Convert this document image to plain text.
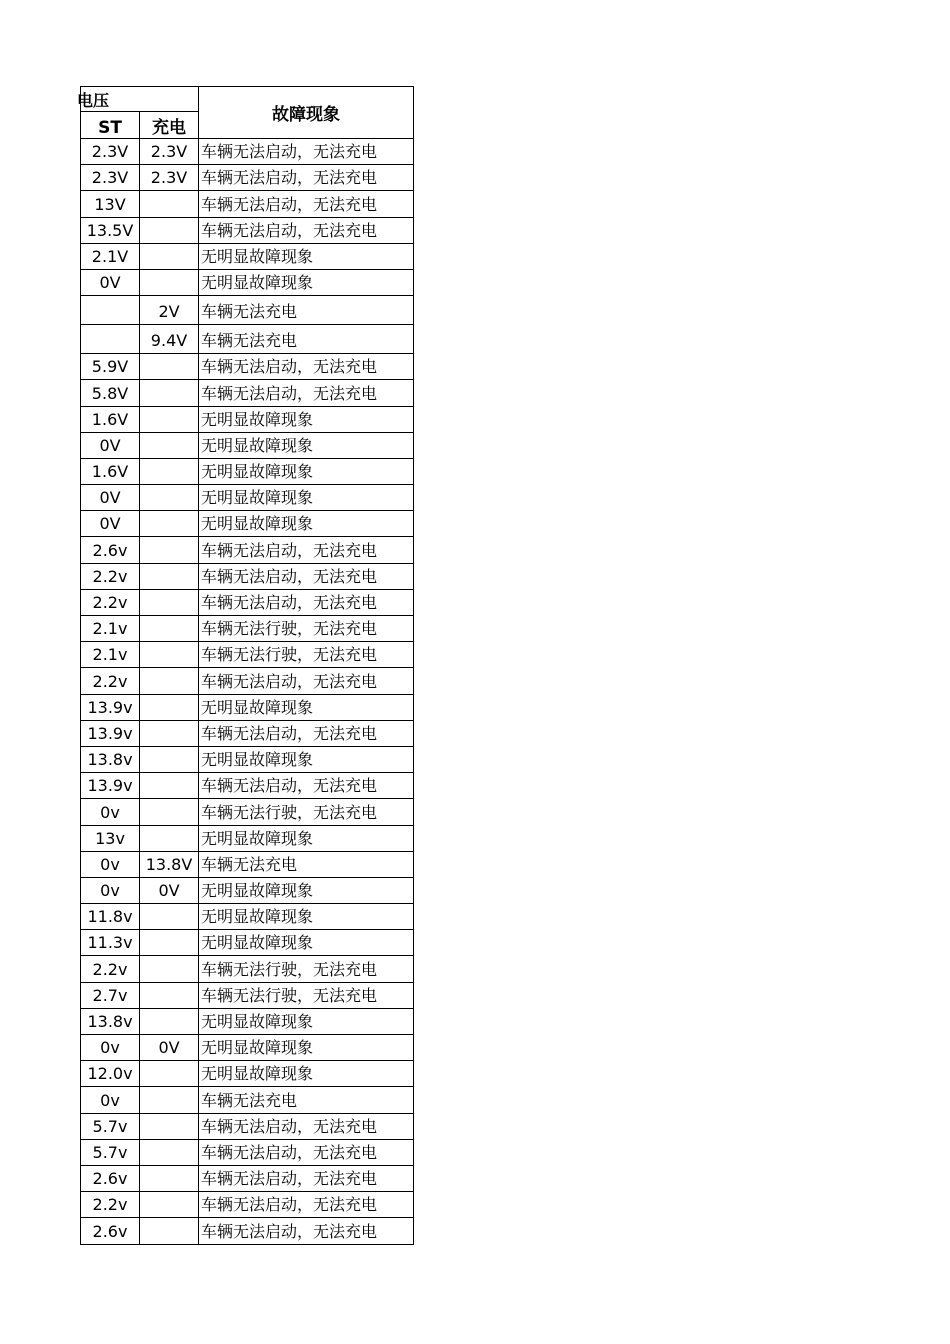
电压		故障现象
ST	充电	
2.3V	2.3V	车辆无法启动，无法充电
2.3V	2.3V	车辆无法启动，无法充电
13V		车辆无法启动，无法充电
13.5V		车辆无法启动，无法充电
2.1V		无明显故障现象
0V		无明显故障现象
	2V	车辆无法充电
	9.4V	车辆无法充电
5.9V		车辆无法启动，无法充电
5.8V		车辆无法启动，无法充电
1.6V		无明显故障现象
0V		无明显故障现象
1.6V		无明显故障现象
0V		无明显故障现象
0V		无明显故障现象
2.6v		车辆无法启动，无法充电
2.2v		车辆无法启动，无法充电
2.2v		车辆无法启动，无法充电
2.1v		车辆无法行驶，无法充电
2.1v		车辆无法行驶，无法充电
2.2v		车辆无法启动，无法充电
13.9v		无明显故障现象
13.9v		车辆无法启动，无法充电
13.8v		无明显故障现象
13.9v		车辆无法启动，无法充电
0v		车辆无法行驶，无法充电
13v		无明显故障现象
0v	13.8V	车辆无法充电
0v	0V	无明显故障现象
11.8v		无明显故障现象
11.3v		无明显故障现象
2.2v		车辆无法行驶，无法充电
2.7v		车辆无法行驶，无法充电
13.8v		无明显故障现象
0v	0V	无明显故障现象
12.0v		无明显故障现象
0v		车辆无法充电
5.7v		车辆无法启动，无法充电
5.7v		车辆无法启动，无法充电
2.6v		车辆无法启动，无法充电
2.2v		车辆无法启动，无法充电
2.6v		车辆无法启动，无法充电
